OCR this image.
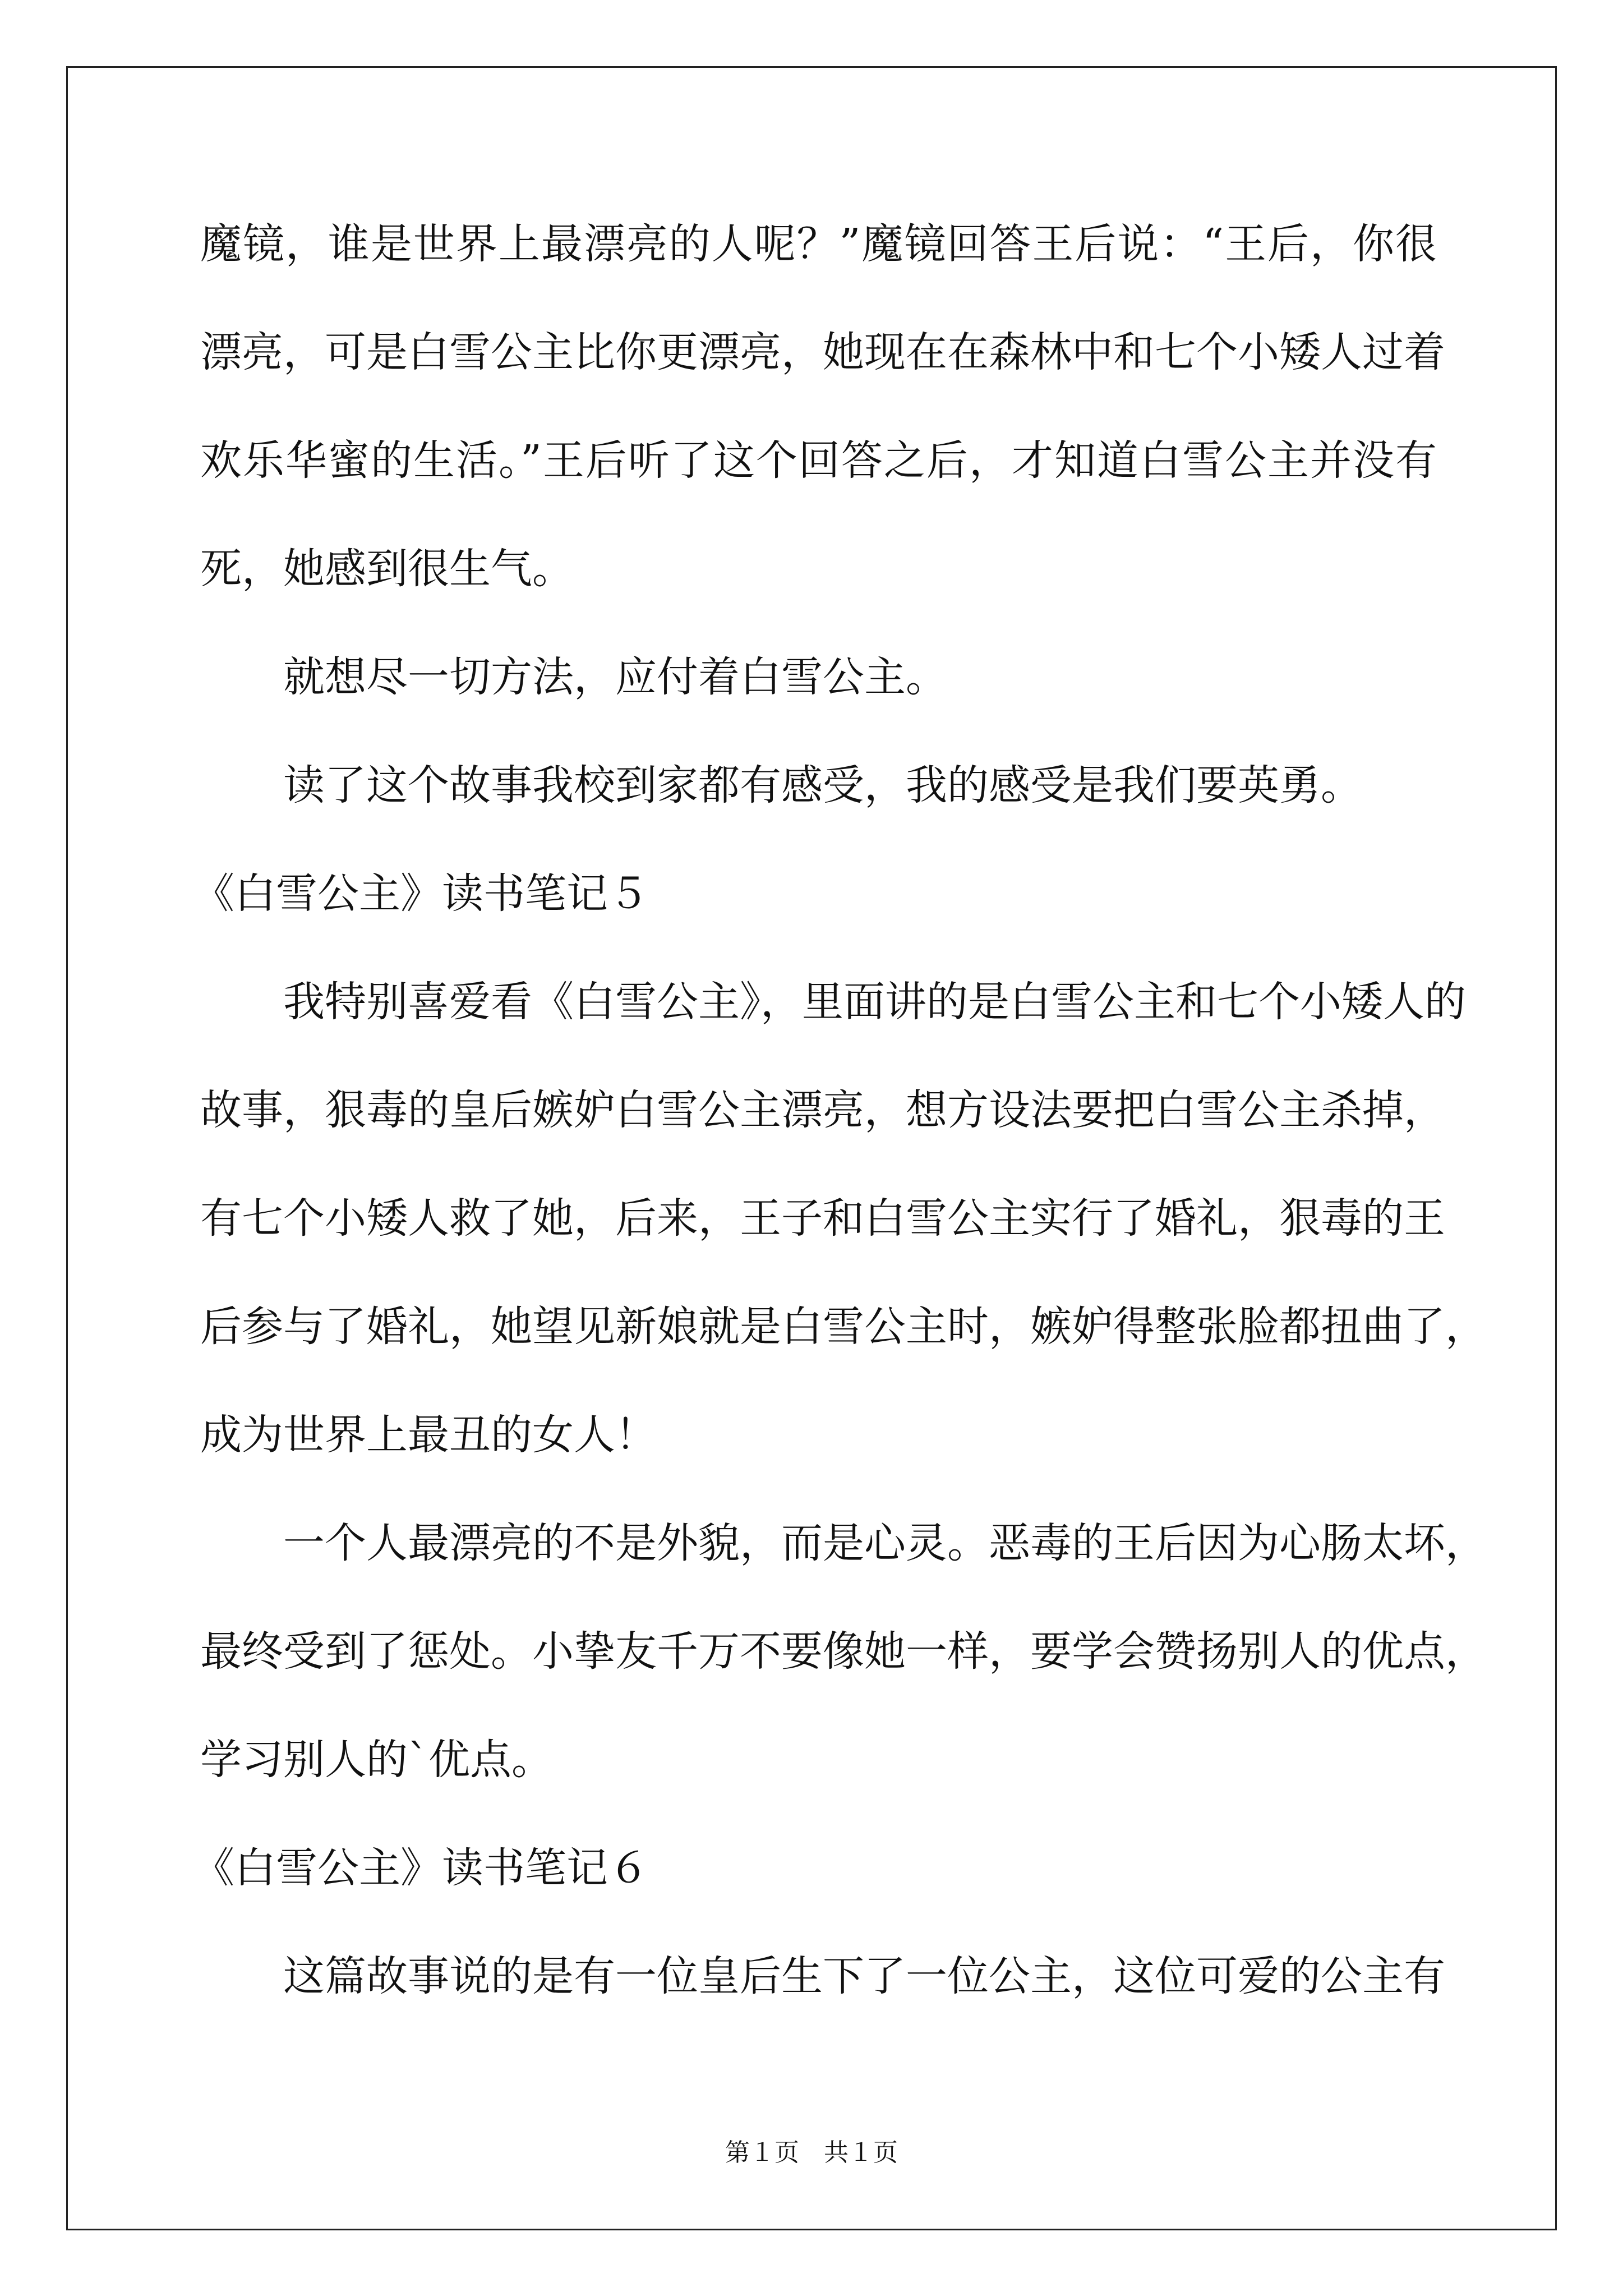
魔镜，谁是世界上最漂亮的人呢？”魔镜回答王后说：“王后，你很
漂亮，可是白雪公主比你更漂亮，她现在在森林中和七个小矮人过着
欢乐华蜜的生活。”王后听了这个回答之后，才知道白雪公主并没有
死，她感到很生气。
就想尽一切方法，应付着白雪公主。
读了这个故事我校到家都有感受，我的感受是我们要英勇。
《白雪公主》读书笔记５
我特别喜爱看《白雪公主》，里面讲的是白雪公主和七个小矮人的
故事，狠毒的皇后嫉妒白雪公主漂亮，想方设法要把白雪公主杀掉，
有七个小矮人救了她，后来，王子和白雪公主实行了婚礼，狠毒的王
后参与了婚礼，她望见新娘就是白雪公主时，嫉妒得整张脸都扭曲了，
成为世界上最丑的女人！
一个人最漂亮的不是外貌，而是心灵。恶毒的王后因为心肠太坏，
最终受到了惩处。小挚友千万不要像她一样，要学会赞扬别人的优点，
学习别人的`优点。
《白雪公主》读书笔记６
这篇故事说的是有一位皇后生下了一位公主，这位可爱的公主有
第１页　共１页
